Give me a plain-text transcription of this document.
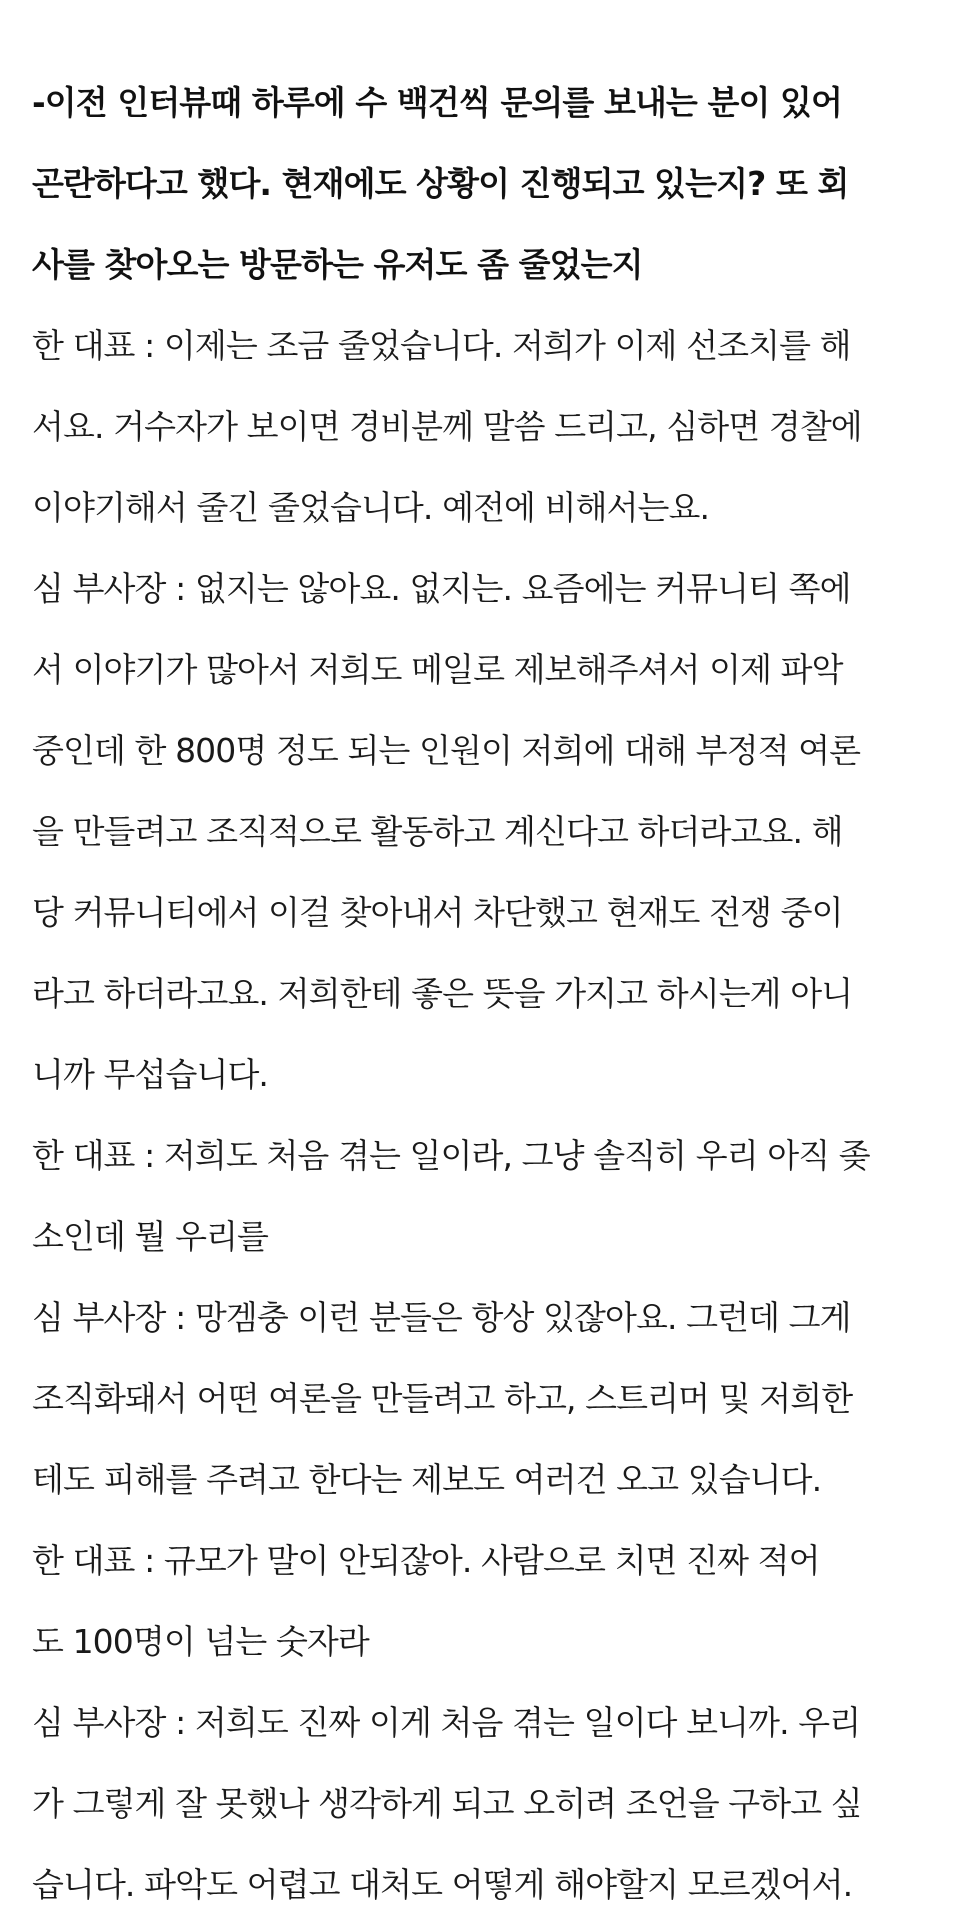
-이전 인터뷰때 하루에 수 백건씩 문의를 보내는 분이 있어
곤란하다고 했다. 현재에도 상황이 진행되고 있는지? 또 회
사를 찾아오는 방문하는 유저도 좀 줄었는지
한 대표 : 이제는 조금 줄었습니다. 저희가 이제 선조치를 해
서요. 거수자가 보이면 경비분께 말씀 드리고, 심하면 경찰에
이야기해서 줄긴 줄었습니다. 예전에 비해서는요.
심 부사장 : 없지는 않아요. 없지는. 요즘에는 커뮤니티 쪽에
서 이야기가 많아서 저희도 메일로 제보해주셔서 이제 파악
중인데 한 800명 정도 되는 인원이 저희에 대해 부정적 여론
을 만들려고 조직적으로 활동하고 계신다고 하더라고요. 해
당 커뮤니티에서 이걸 찾아내서 차단했고 현재도 전쟁 중이
라고 하더라고요. 저희한테 좋은 뜻을 가지고 하시는게 아니
니까 무섭습니다.
한 대표 : 저희도 처음 겪는 일이라, 그냥 솔직히 우리 아직 좆
소인데 뭘 우리를
심 부사장 : 망겜충 이런 분들은 항상 있잖아요. 그런데 그게
조직화돼서 어떤 여론을 만들려고 하고, 스트리머 및 저희한
테도 피해를 주려고 한다는 제보도 여러건 오고 있습니다.
한 대표 : 규모가 말이 안되잖아. 사람으로 치면 진짜 적어
도 100명이 넘는 숫자라
심 부사장 : 저희도 진짜 이게 처음 겪는 일이다 보니까. 우리
가 그렇게 잘 못했나 생각하게 되고 오히려 조언을 구하고 싶
습니다. 파악도 어렵고 대처도 어떻게 해야할지 모르겠어서.
